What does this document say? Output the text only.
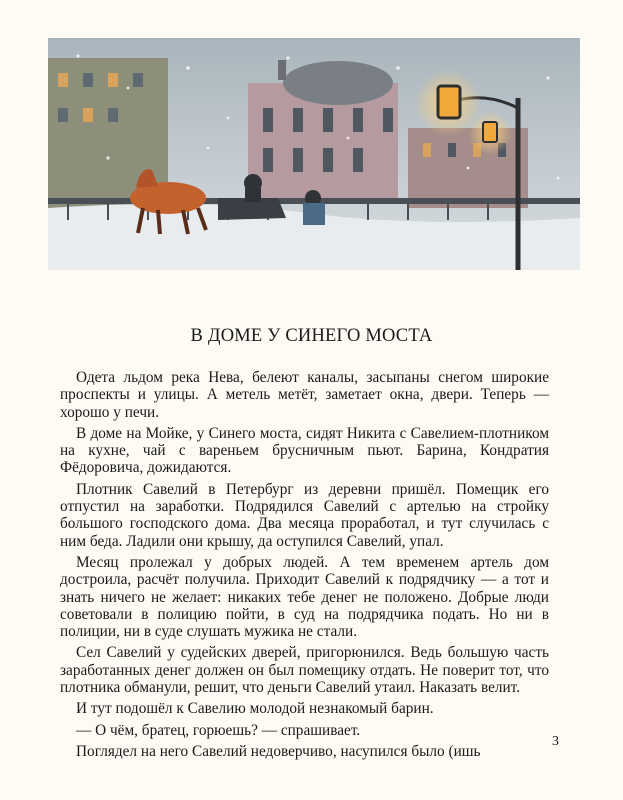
В ДОМЕ У СИНЕГО МОСТА

Одета льдом река Нева, белеют каналы, засыпаны снегом широкие проспекты и улицы. А метель метёт, заметает окна, двери. Теперь — хорошо у печи.

В доме на Мойке, у Синего моста, сидят Никита с Савелием-плотником на кухне, чай с вареньем брусничным пьют. Барина, Кондратия Фёдоровича, дожидаются.

Плотник Савелий в Петербург из деревни пришёл. Помещик его отпустил на заработки. Подрядился Савелий с артелью на стройку большого господского дома. Два месяца проработал, и тут случилась с ним беда. Ладили они крышу, да оступился Савелий, упал.

Месяц пролежал у добрых людей. А тем временем артель дом достроила, расчёт получила. Приходит Савелий к подрядчику — а тот и знать ничего не желает: никаких тебе денег не положено. Добрые люди советовали в полицию пойти, в суд на подрядчика подать. Но ни в полиции, ни в суде слушать мужика не стали.

Сел Савелий у судейских дверей, пригорюнился. Ведь большую часть заработанных денег должен он был помещику отдать. Не поверит тот, что плотника обманули, решит, что деньги Савелий утаил. Наказать велит.

И тут подошёл к Савелию молодой незнакомый барин.

— О чём, братец, горюешь? — спрашивает.

Поглядел на него Савелий недоверчиво, насупился было (ишь

3
